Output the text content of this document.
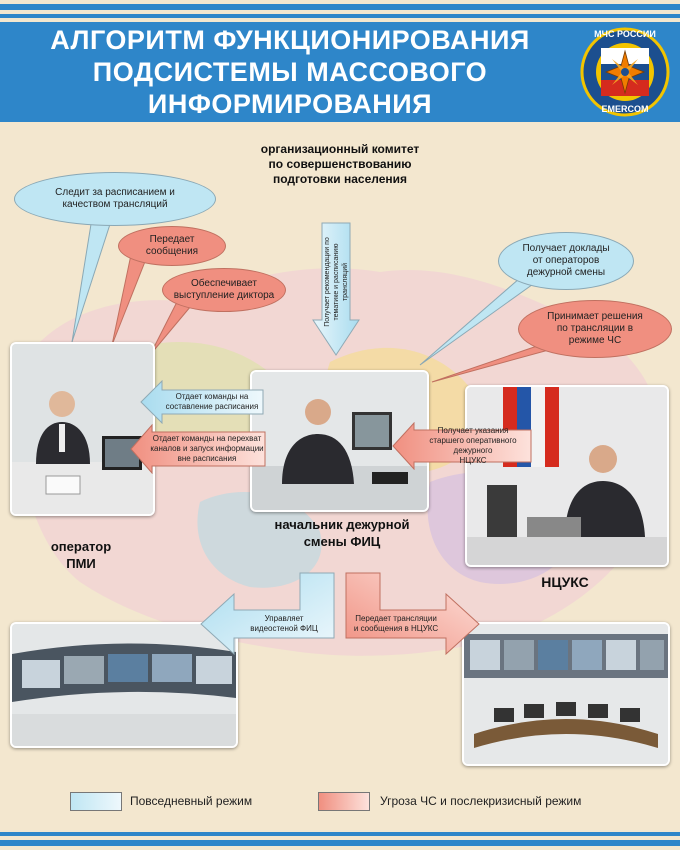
АЛГОРИТМ ФУНКЦИОНИРОВАНИЯ
ПОДСИСТЕМЫ МАССОВОГО
ИНФОРМИРОВАНИЯ
МЧС РОССИИ
EMERCOM
организационный комитет
по совершенствованию
подготовки населения
Получает рекомендации по
тематике и расписанию
трансляций
Следит за расписанием и
качеством трансляций
Передает
сообщения
Обеспечивает
выступление диктора
Получает доклады
от операторов
дежурной смены
Принимает решения
по трансляции в
режиме ЧС
Отдает команды на
составление расписания
Отдает команды на перехват
каналов и запуск информации
вне расписания
Получает указания
старшего оперативного дежурного
НЦУКС
Управляет
видеостеной ФИЦ
Передает трансляции
и сообщения в НЦУКС
оператор
ПМИ
начальник дежурной
смены ФИЦ
НЦУКС
Повседневный режим	Угроза ЧС и послекризисный режим
